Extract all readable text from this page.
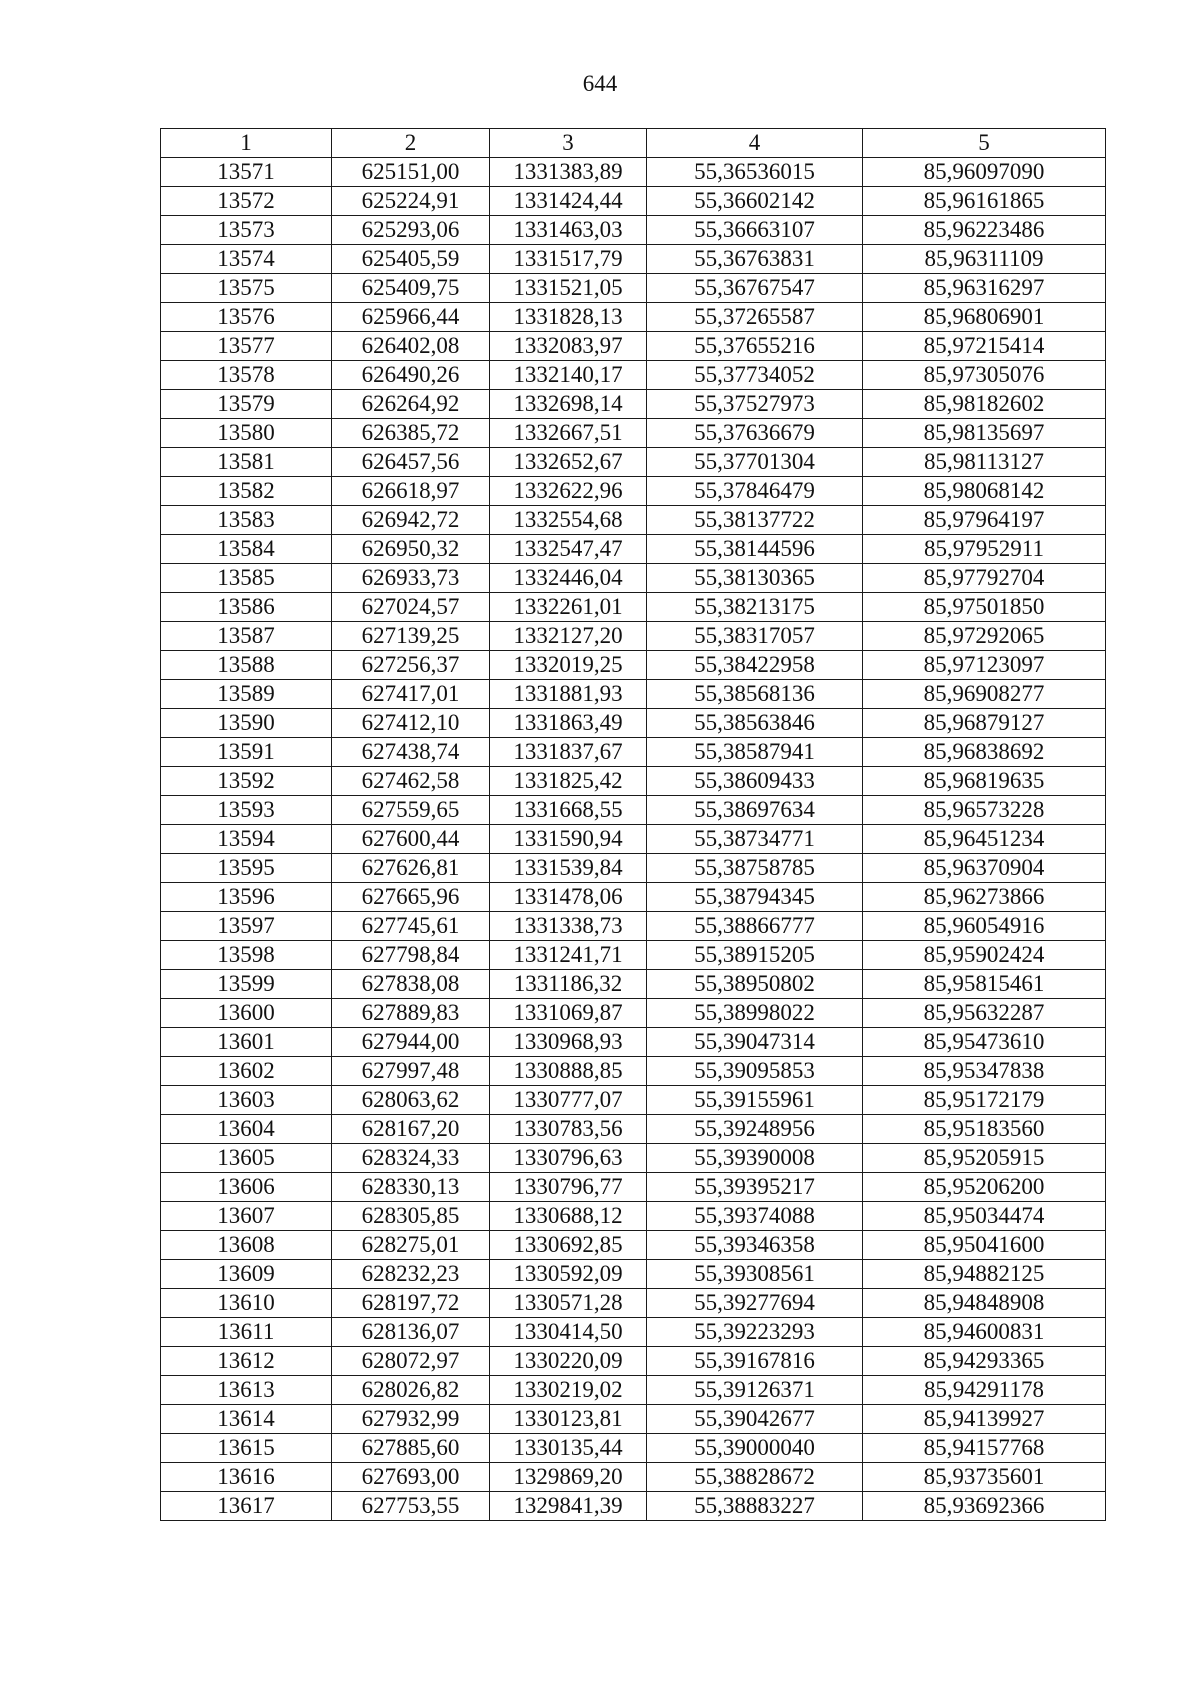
644
1	2	3	4	5
13571	625151,00	1331383,89	55,36536015	85,96097090
13572	625224,91	1331424,44	55,36602142	85,96161865
13573	625293,06	1331463,03	55,36663107	85,96223486
13574	625405,59	1331517,79	55,36763831	85,96311109
13575	625409,75	1331521,05	55,36767547	85,96316297
13576	625966,44	1331828,13	55,37265587	85,96806901
13577	626402,08	1332083,97	55,37655216	85,97215414
13578	626490,26	1332140,17	55,37734052	85,97305076
13579	626264,92	1332698,14	55,37527973	85,98182602
13580	626385,72	1332667,51	55,37636679	85,98135697
13581	626457,56	1332652,67	55,37701304	85,98113127
13582	626618,97	1332622,96	55,37846479	85,98068142
13583	626942,72	1332554,68	55,38137722	85,97964197
13584	626950,32	1332547,47	55,38144596	85,97952911
13585	626933,73	1332446,04	55,38130365	85,97792704
13586	627024,57	1332261,01	55,38213175	85,97501850
13587	627139,25	1332127,20	55,38317057	85,97292065
13588	627256,37	1332019,25	55,38422958	85,97123097
13589	627417,01	1331881,93	55,38568136	85,96908277
13590	627412,10	1331863,49	55,38563846	85,96879127
13591	627438,74	1331837,67	55,38587941	85,96838692
13592	627462,58	1331825,42	55,38609433	85,96819635
13593	627559,65	1331668,55	55,38697634	85,96573228
13594	627600,44	1331590,94	55,38734771	85,96451234
13595	627626,81	1331539,84	55,38758785	85,96370904
13596	627665,96	1331478,06	55,38794345	85,96273866
13597	627745,61	1331338,73	55,38866777	85,96054916
13598	627798,84	1331241,71	55,38915205	85,95902424
13599	627838,08	1331186,32	55,38950802	85,95815461
13600	627889,83	1331069,87	55,38998022	85,95632287
13601	627944,00	1330968,93	55,39047314	85,95473610
13602	627997,48	1330888,85	55,39095853	85,95347838
13603	628063,62	1330777,07	55,39155961	85,95172179
13604	628167,20	1330783,56	55,39248956	85,95183560
13605	628324,33	1330796,63	55,39390008	85,95205915
13606	628330,13	1330796,77	55,39395217	85,95206200
13607	628305,85	1330688,12	55,39374088	85,95034474
13608	628275,01	1330692,85	55,39346358	85,95041600
13609	628232,23	1330592,09	55,39308561	85,94882125
13610	628197,72	1330571,28	55,39277694	85,94848908
13611	628136,07	1330414,50	55,39223293	85,94600831
13612	628072,97	1330220,09	55,39167816	85,94293365
13613	628026,82	1330219,02	55,39126371	85,94291178
13614	627932,99	1330123,81	55,39042677	85,94139927
13615	627885,60	1330135,44	55,39000040	85,94157768
13616	627693,00	1329869,20	55,38828672	85,93735601
13617	627753,55	1329841,39	55,38883227	85,93692366
